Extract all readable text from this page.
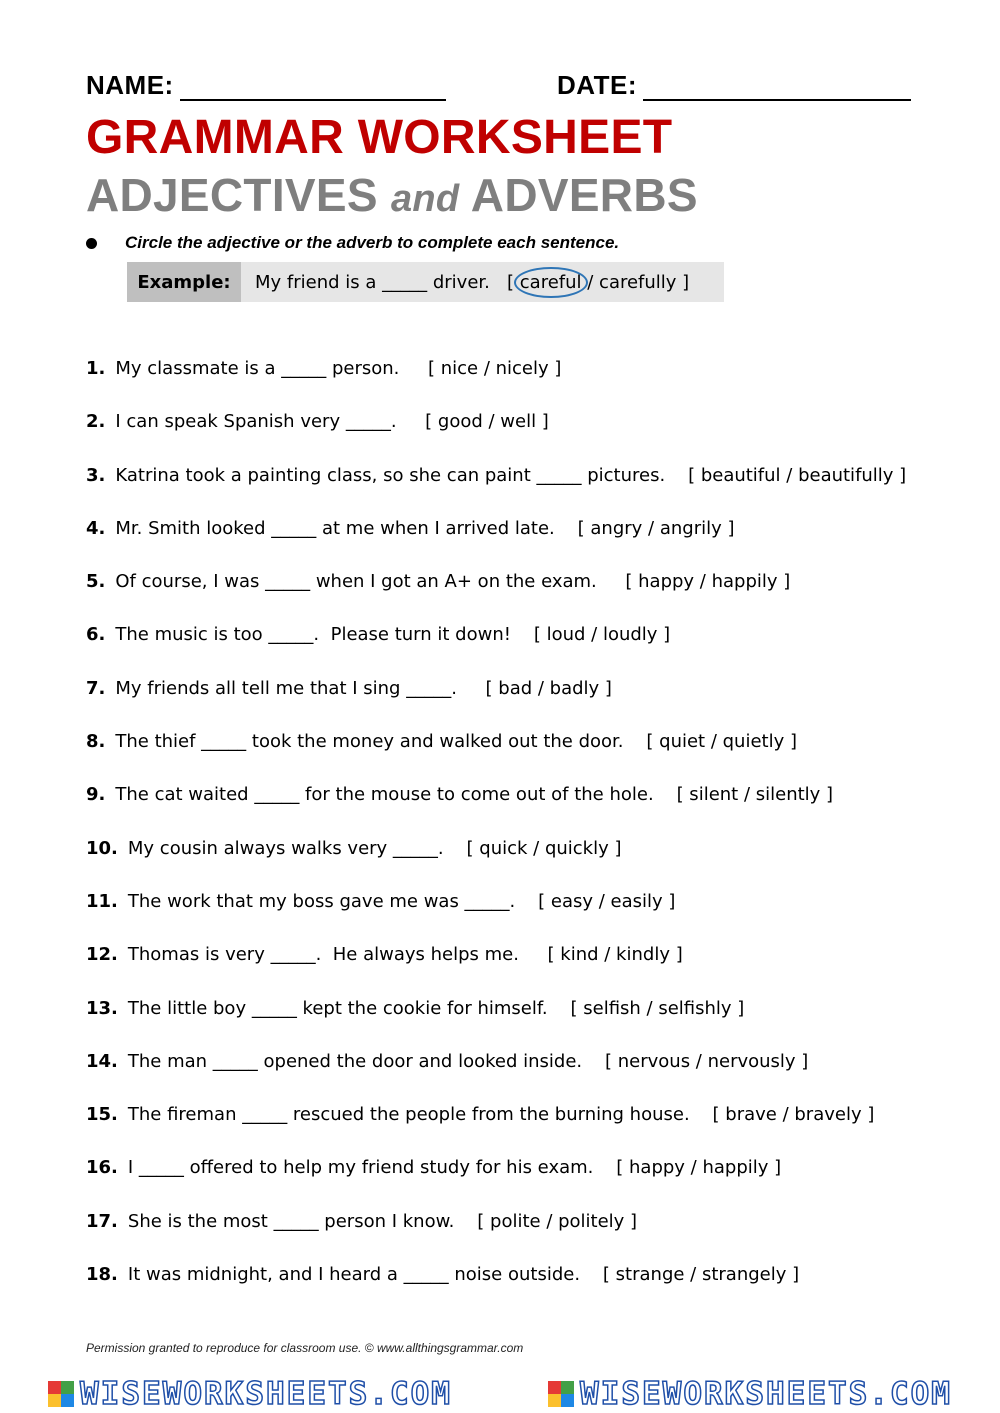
NAME:	DATE:
GRAMMAR WORKSHEET
ADJECTIVES and ADVERBS
Circle the adjective or the adverb to complete each sentence.
Example:	My friend is a _____ driver.   [ careful / carefully ]
1. My classmate is a _____ person.     [ nice / nicely ]
2. I can speak Spanish very _____.     [ good / well ]
3. Katrina took a painting class, so she can paint _____ pictures.    [ beautiful / beautifully ]
4. Mr. Smith looked _____ at me when I arrived late.    [ angry / angrily ]
5. Of course, I was _____ when I got an A+ on the exam.     [ happy / happily ]
6. The music is too _____.  Please turn it down!    [ loud / loudly ]
7. My friends all tell me that I sing _____.     [ bad / badly ]
8. The thief _____ took the money and walked out the door.    [ quiet / quietly ]
9. The cat waited _____ for the mouse to come out of the hole.    [ silent / silently ]
10. My cousin always walks very _____.    [ quick / quickly ]
11. The work that my boss gave me was _____.    [ easy / easily ]
12. Thomas is very _____.  He always helps me.     [ kind / kindly ]
13. The little boy _____ kept the cookie for himself.    [ selfish / selfishly ]
14. The man _____ opened the door and looked inside.    [ nervous / nervously ]
15. The fireman _____ rescued the people from the burning house.    [ brave / bravely ]
16. I _____ offered to help my friend study for his exam.    [ happy / happily ]
17. She is the most _____ person I know.    [ polite / politely ]
18. It was midnight, and I heard a _____ noise outside.    [ strange / strangely ]
Permission granted to reproduce for classroom use. © www.allthingsgrammar.com
WISEWORKSHEETS.COM	WISEWORKSHEETS.COM
